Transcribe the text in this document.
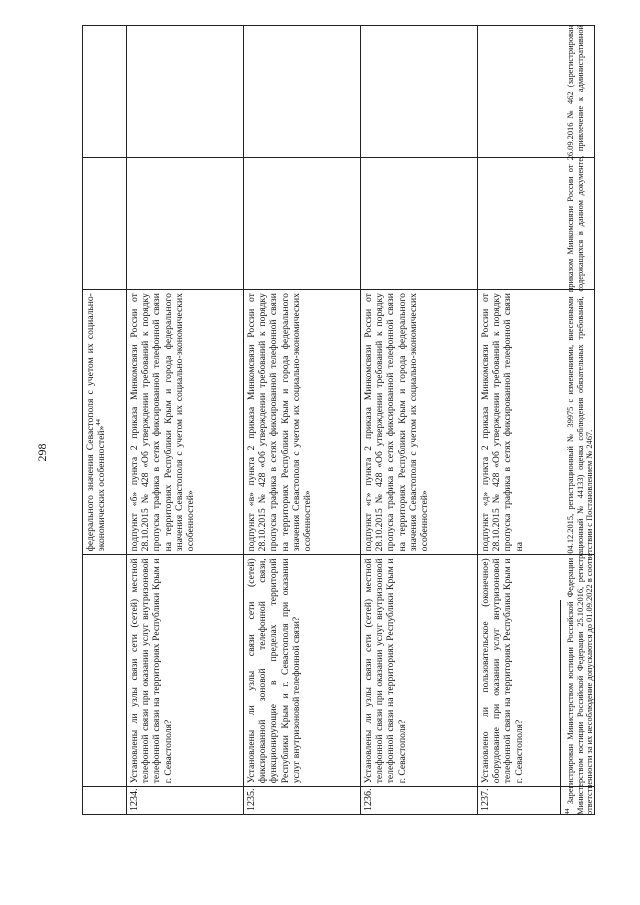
298
			федерального значения Севастополя с учетом их социально-экономических особенностей»$^{44}$		
1234.	Установлены ли узлы связи сети (сетей) местной телефонной связи при оказании услуг внутризоновой телефонной связи на территориях Республики Крым и г. Севастополя?	подпункт «б» пункта 2 приказа Минкомсвязи России от 28.10.2015 № 428 «Об утверждении требований к порядку пропуска трафика в сетях фиксированной телефонной связи на территориях Республики Крым и города федерального значения Севастополя с учетом их социально-экономических особенностей»		
1235.	Установлены ли узлы связи сети (сетей) фиксированной зоновой телефонной связи, функционирующие в пределах территорий Республики Крым и г. Севастополя при оказании услуг внутризоновой телефонной связи?	подпункт «в» пункта 2 приказа Минкомсвязи России от 28.10.2015 № 428 «Об утверждении требований к порядку пропуска трафика в сетях фиксированной телефонной связи на территориях Республики Крым и города федерального значения Севастополя с учетом их социально-экономических особенностей»		
1236.	Установлены ли узлы связи сети (сетей) местной телефонной связи при оказании услуг внутризоновой телефонной связи на территориях Республики Крым и г. Севастополя?	подпункт «г» пункта 2 приказа Минкомсвязи России от 28.10.2015 № 428 «Об утверждении требований к порядку пропуска трафика в сетях фиксированной телефонной связи на территориях Республики Крым и города федерального значения Севастополя с учетом их социально-экономических особенностей»		
1237.	Установлено ли пользовательское (оконечное) оборудование при оказании услуг внутризоновой телефонной связи на территориях Республики Крым и г. Севастополя?	подпункт «д» пункта 2 приказа Минкомсвязи России от 28.10.2015 № 428 «Об утверждении требований к порядку пропуска трафика в сетях фиксированной телефонной связи на		
$^{44}$ Зарегистрирован Министерством юстиции Российской Федерации 04.12.2015, регистрационный № 39975 с изменениями, внесенными приказом Минкомсвязи России от 26.09.2016 № 462 (зарегистрирован Министерством юстиции Российской Федерации 25.10.2016, регистрационный № 44133) оценка соблюдения обязательных требований, содержащихся в данном документе, привлечение к административной ответственности за их несоблюдение допускаются до 01.09.2022 в соответствии с Постановлением № 2467.
